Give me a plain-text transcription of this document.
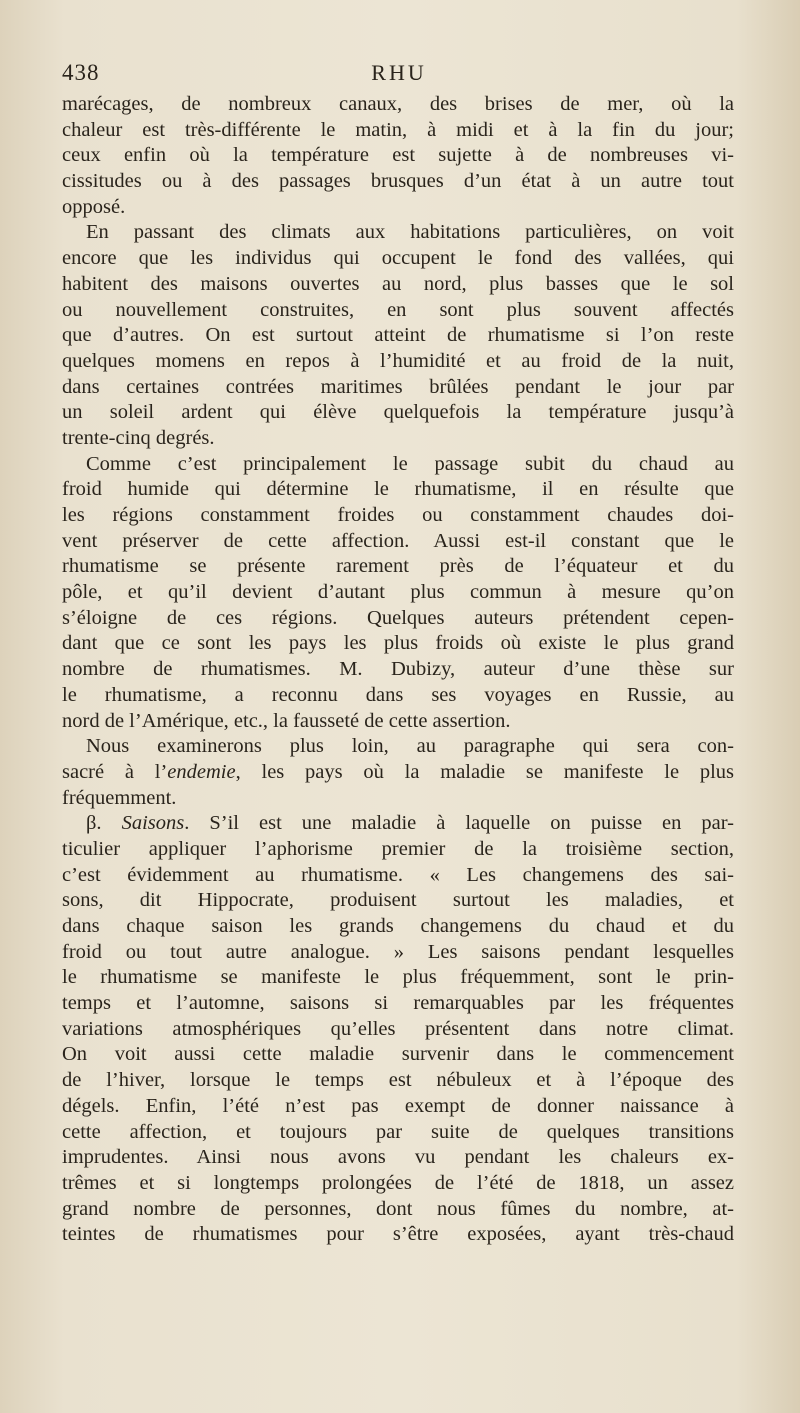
438	RHU
marécages, de nombreux canaux, des brises de mer, où la
chaleur est très-différente le matin, à midi et à la fin du jour;
ceux enfin où la température est sujette à de nombreuses vi-
cissitudes ou à des passages brusques d’un état à un autre tout
opposé.
En passant des climats aux habitations particulières, on voit
encore que les individus qui occupent le fond des vallées, qui
habitent des maisons ouvertes au nord, plus basses que le sol
ou nouvellement construites, en sont plus souvent affectés
que d’autres. On est surtout atteint de rhumatisme si l’on reste
quelques momens en repos à l’humidité et au froid de la nuit,
dans certaines contrées maritimes brûlées pendant le jour par
un soleil ardent qui élève quelquefois la température jusqu’à
trente-cinq degrés.
Comme c’est principalement le passage subit du chaud au
froid humide qui détermine le rhumatisme, il en résulte que
les régions constamment froides ou constamment chaudes doi-
vent préserver de cette affection. Aussi est-il constant que le
rhumatisme se présente rarement près de l’équateur et du
pôle, et qu’il devient d’autant plus commun à mesure qu’on
s’éloigne de ces régions. Quelques auteurs prétendent cepen-
dant que ce sont les pays les plus froids où existe le plus grand
nombre de rhumatismes. M. Dubizy, auteur d’une thèse sur
le rhumatisme, a reconnu dans ses voyages en Russie, au
nord de l’Amérique, etc., la fausseté de cette assertion.
Nous examinerons plus loin, au paragraphe qui sera con-
sacré à l’endemie, les pays où la maladie se manifeste le plus
fréquemment.
β. Saisons. S’il est une maladie à laquelle on puisse en par-
ticulier appliquer l’aphorisme premier de la troisième section,
c’est évidemment au rhumatisme. « Les changemens des sai-
sons, dit Hippocrate, produisent surtout les maladies, et
dans chaque saison les grands changemens du chaud et du
froid ou tout autre analogue. » Les saisons pendant lesquelles
le rhumatisme se manifeste le plus fréquemment, sont le prin-
temps et l’automne, saisons si remarquables par les fréquentes
variations atmosphériques qu’elles présentent dans notre climat.
On voit aussi cette maladie survenir dans le commencement
de l’hiver, lorsque le temps est nébuleux et à l’époque des
dégels. Enfin, l’été n’est pas exempt de donner naissance à
cette affection, et toujours par suite de quelques transitions
imprudentes. Ainsi nous avons vu pendant les chaleurs ex-
trêmes et si longtemps prolongées de l’été de 1818, un assez
grand nombre de personnes, dont nous fûmes du nombre, at-
teintes de rhumatismes pour s’être exposées, ayant très-chaud
